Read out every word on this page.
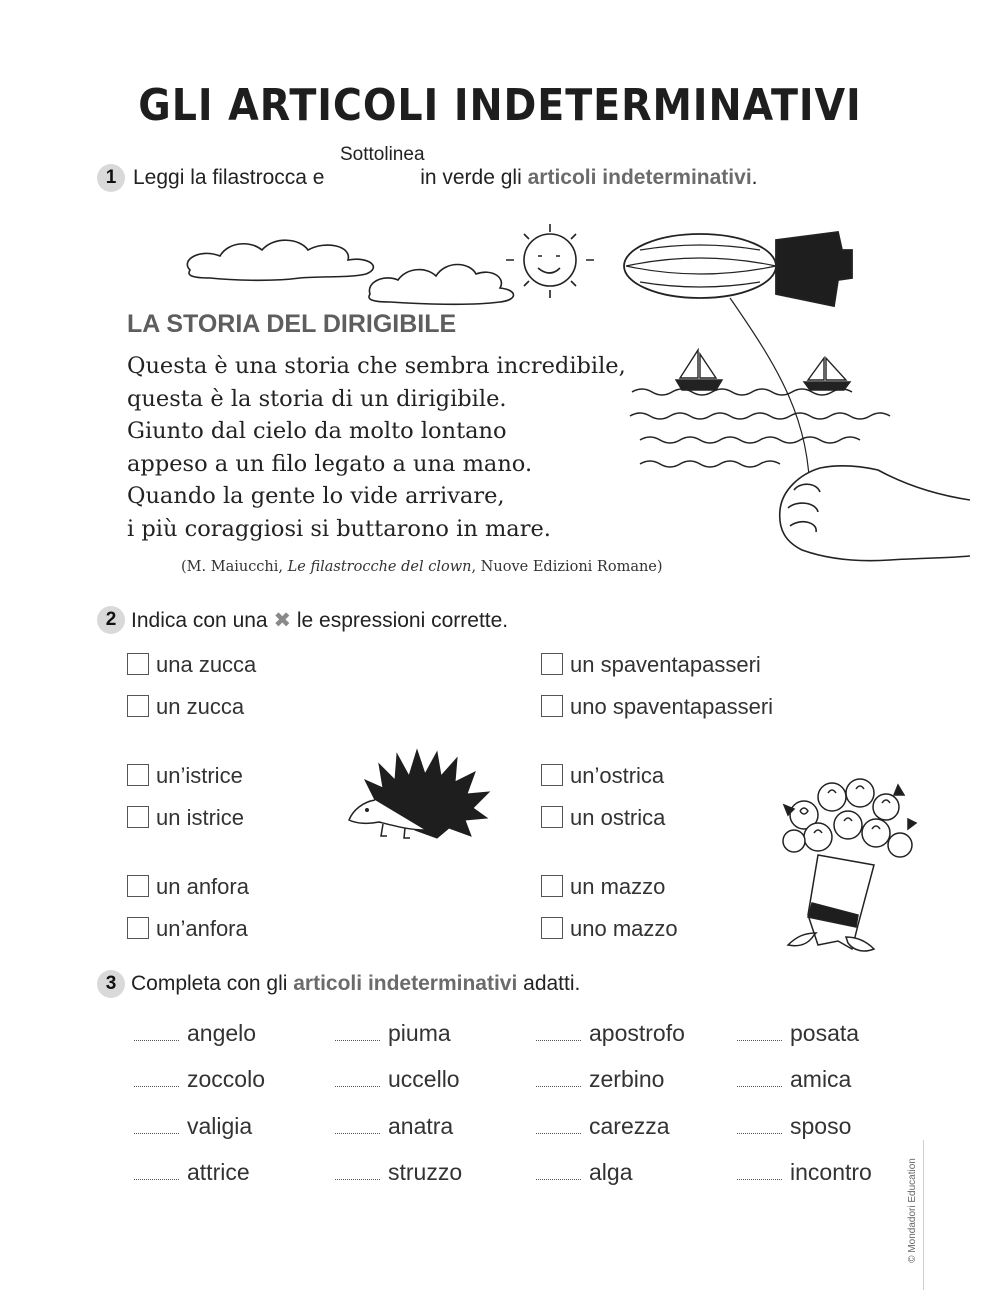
GLI ARTICOLI INDETERMINATIVI
1 Leggi la filastrocca e	in verde gli articoli indeterminativi.
Sottolinea
LA STORIA DEL DIRIGIBILE
Questa è una storia che sembra incredibile,
questa è la storia di un dirigibile.
Giunto dal cielo da molto lontano
appeso a un filo legato a una mano.
Quando la gente lo vide arrivare,
i più coraggiosi si buttarono in mare.
(M. Maiucchi, Le filastrocche del clown, Nuove Edizioni Romane)
2 Indica con una ✖ le espressioni corrette.
una zucca
un zucca
un’istrice
un istrice
un anfora
un’anfora
un spaventapasseri
uno spaventapasseri
un’ostrica
un ostrica
un mazzo
uno mazzo
3 Completa con gli articoli indeterminativi adatti.
angelo
zoccolo
valigia
attrice
piuma
uccello
anatra
struzzo
apostrofo
zerbino
carezza
alga
posata
amica
sposo
incontro	© Mondadori Education
